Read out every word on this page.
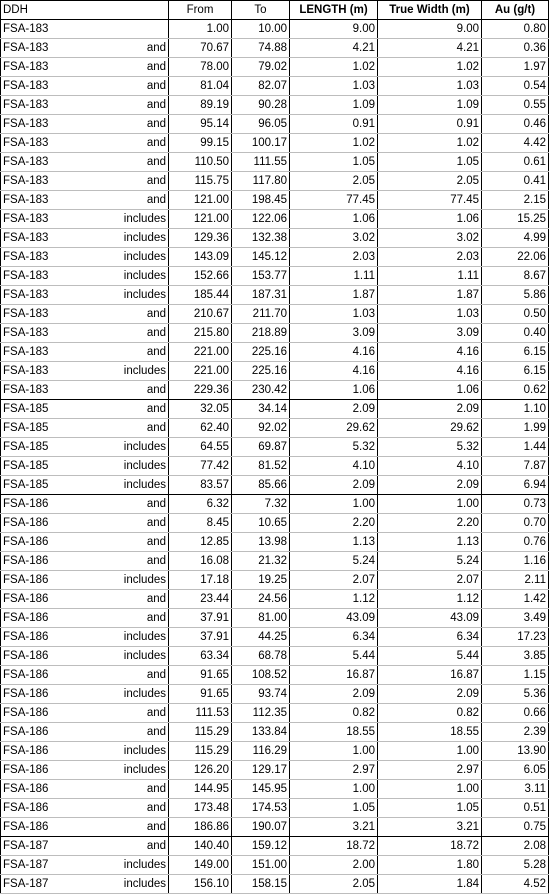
DDH		From	To	LENGTH (m)	True Width (m)	Au (g/t)
FSA-183		1.00	10.00	9.00	9.00	0.80
FSA-183	and	70.67	74.88	4.21	4.21	0.36
FSA-183	and	78.00	79.02	1.02	1.02	1.97
FSA-183	and	81.04	82.07	1.03	1.03	0.54
FSA-183	and	89.19	90.28	1.09	1.09	0.55
FSA-183	and	95.14	96.05	0.91	0.91	0.46
FSA-183	and	99.15	100.17	1.02	1.02	4.42
FSA-183	and	110.50	111.55	1.05	1.05	0.61
FSA-183	and	115.75	117.80	2.05	2.05	0.41
FSA-183	and	121.00	198.45	77.45	77.45	2.15
FSA-183	includes	121.00	122.06	1.06	1.06	15.25
FSA-183	includes	129.36	132.38	3.02	3.02	4.99
FSA-183	includes	143.09	145.12	2.03	2.03	22.06
FSA-183	includes	152.66	153.77	1.11	1.11	8.67
FSA-183	includes	185.44	187.31	1.87	1.87	5.86
FSA-183	and	210.67	211.70	1.03	1.03	0.50
FSA-183	and	215.80	218.89	3.09	3.09	0.40
FSA-183	and	221.00	225.16	4.16	4.16	6.15
FSA-183	includes	221.00	225.16	4.16	4.16	6.15
FSA-183	and	229.36	230.42	1.06	1.06	0.62
FSA-185	and	32.05	34.14	2.09	2.09	1.10
FSA-185	and	62.40	92.02	29.62	29.62	1.99
FSA-185	includes	64.55	69.87	5.32	5.32	1.44
FSA-185	includes	77.42	81.52	4.10	4.10	7.87
FSA-185	includes	83.57	85.66	2.09	2.09	6.94
FSA-186	and	6.32	7.32	1.00	1.00	0.73
FSA-186	and	8.45	10.65	2.20	2.20	0.70
FSA-186	and	12.85	13.98	1.13	1.13	0.76
FSA-186	and	16.08	21.32	5.24	5.24	1.16
FSA-186	includes	17.18	19.25	2.07	2.07	2.11
FSA-186	and	23.44	24.56	1.12	1.12	1.42
FSA-186	and	37.91	81.00	43.09	43.09	3.49
FSA-186	includes	37.91	44.25	6.34	6.34	17.23
FSA-186	includes	63.34	68.78	5.44	5.44	3.85
FSA-186	and	91.65	108.52	16.87	16.87	1.15
FSA-186	includes	91.65	93.74	2.09	2.09	5.36
FSA-186	and	111.53	112.35	0.82	0.82	0.66
FSA-186	and	115.29	133.84	18.55	18.55	2.39
FSA-186	includes	115.29	116.29	1.00	1.00	13.90
FSA-186	includes	126.20	129.17	2.97	2.97	6.05
FSA-186	and	144.95	145.95	1.00	1.00	3.11
FSA-186	and	173.48	174.53	1.05	1.05	0.51
FSA-186	and	186.86	190.07	3.21	3.21	0.75
FSA-187	and	140.40	159.12	18.72	18.72	2.08
FSA-187	includes	149.00	151.00	2.00	1.80	5.28
FSA-187	includes	156.10	158.15	2.05	1.84	4.52
